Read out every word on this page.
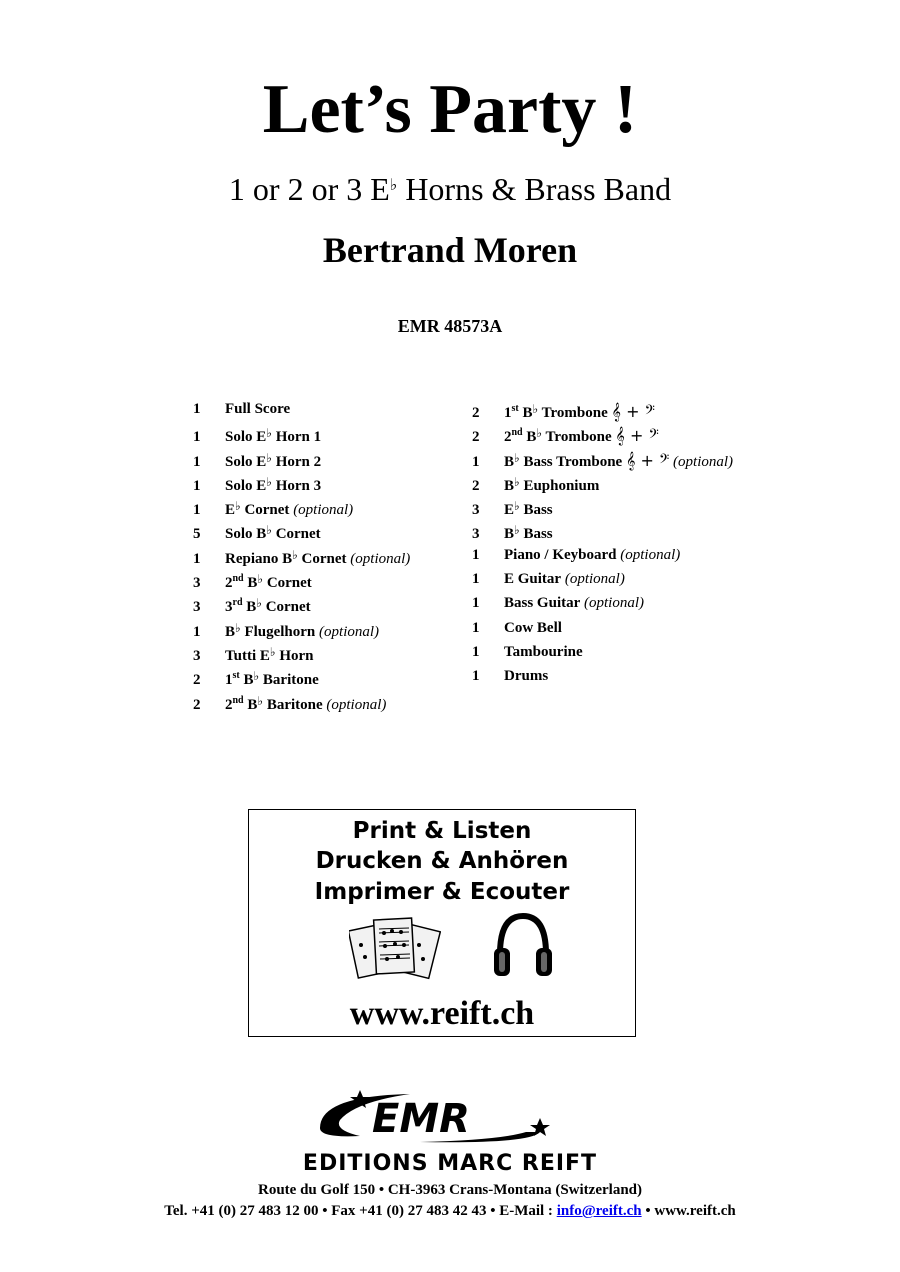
Let’s Party !
1 or 2 or 3 E♭ Horns & Brass Band
Bertrand Moren
EMR 48573A
1 Full Score
1 Solo E♭ Horn 1
1 Solo E♭ Horn 2
1 Solo E♭ Horn 3
1 E♭ Cornet (optional)
5 Solo B♭ Cornet
1 Repiano B♭ Cornet (optional)
3 2nd B♭ Cornet
3 3rd B♭ Cornet
1 B♭ Flugelhorn (optional)
3 Tutti E♭ Horn
2 1st B♭ Baritone
2 2nd B♭ Baritone (optional)
2 1st B♭ Trombone 𝄞 + 𝄢
2 2nd B♭ Trombone 𝄞 + 𝄢
1 B♭ Bass Trombone 𝄞 + 𝄢 (optional)
2 B♭ Euphonium
3 E♭ Bass
3 B♭ Bass
1 Piano / Keyboard (optional)
1 E Guitar (optional)
1 Bass Guitar (optional)
1 Cow Bell
1 Tambourine
1 Drums
Print & Listen
Drucken & Anhören
Imprimer & Ecouter
www.reift.ch
EMR
EDITIONS MARC REIFT
Route du Golf 150 • CH-3963 Crans-Montana (Switzerland)
Tel. +41 (0) 27 483 12 00 • Fax +41 (0) 27 483 42 43 • E-Mail : info@reift.ch • www.reift.ch
